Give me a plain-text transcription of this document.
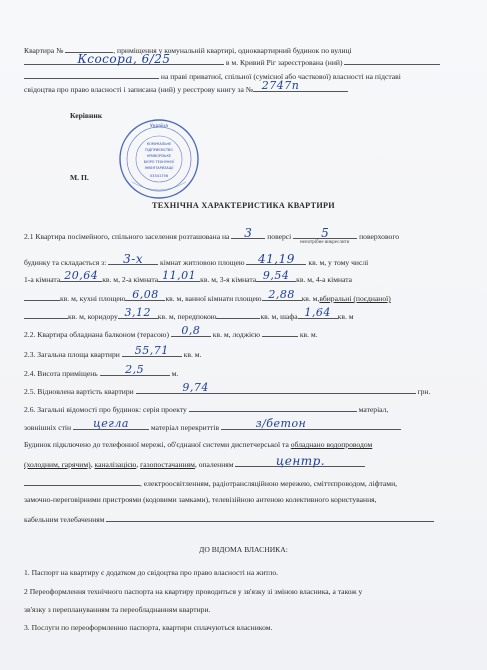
Квартира №	, приміщення у комунальній квартирі, одноквартирний будинок по вулиці
Ксосора, 6/25	в м. Кривий Ріг зареєстрована (ний)
на праві приватної, спільної (сумісної або часткової) власності на підставі
свідоцтва про право власності і записана (ний) у реєстрову книгу за № 2747п
Керівник
М. П.
Україна
КОМУНАЛЬНЕ
ПІДПРИЄМСТВО
КРИВОРІЗЬКЕ
БЮРО ТЕХНІЧНОЇ
ІНВЕНТАРИЗАЦІЇ
03341756
ТЕХНІЧНА ХАРАКТЕРИСТИКА КВАРТИРИ
2.1 Квартира посімейного, спільного заселення розташована на	3	поверсі	5	поверхового
непотрібне викреслити
будинку та складається з:	3-х	кімнат житловою площею	41,19	кв. м, у тому числі
1-а кімната 20,64 кв. м, 2-а кімната 11,01 кв. м, 3-я кімната 9,54 кв. м, 4-а кімната
кв. м, кухні площею 6,08 кв. м, ванної кімнати площею 2,88 кв. м,вбиральні (поєднаної)
кв. м, коридору 3,12 кв. м, передпокою	кв. м, шафа 1,64 кв. м
2.2. Квартира обладнана балконом (терасою)	0,8	кв. м, лоджією	кв. м.
2.3. Загальна площа квартири	55,71	кв. м.
2.4. Висота приміщень	2,5	м.
2.5. Відновлена вартість квартири	9,74	грн.
2.6. Загальні відомості про будинок: серія проекту	матеріал,
зовнішніх стін	цегла	матеріал перекриттів	з/бетон
Будинок підключено до телефонної мережі, об'єднаної системи диспетчерської та обладнано водопроводом
(холодним, гарячим), каналізацією, газопостачанням, опаленням	центр.
, електроосвітленням, радіотрансляційною мережею, сміттєпроводом, ліфтами,
замочно-переговірними пристроями (кодовими замками), телевізійною антеною колективного користування,
кабельним телебаченням
ДО ВІДОМА ВЛАСНИКА:
1. Паспорт на квартиру є додатком до свідоцтва про право власності на житло.
2 Переоформлення технічного паспорта на квартиру проводиться у зв'язку зі зміною власника, а також у
зв'язку з переплануванням та переобладнанням квартири.
3. Послуги по переоформленню паспорта, квартири сплачуються власником.
